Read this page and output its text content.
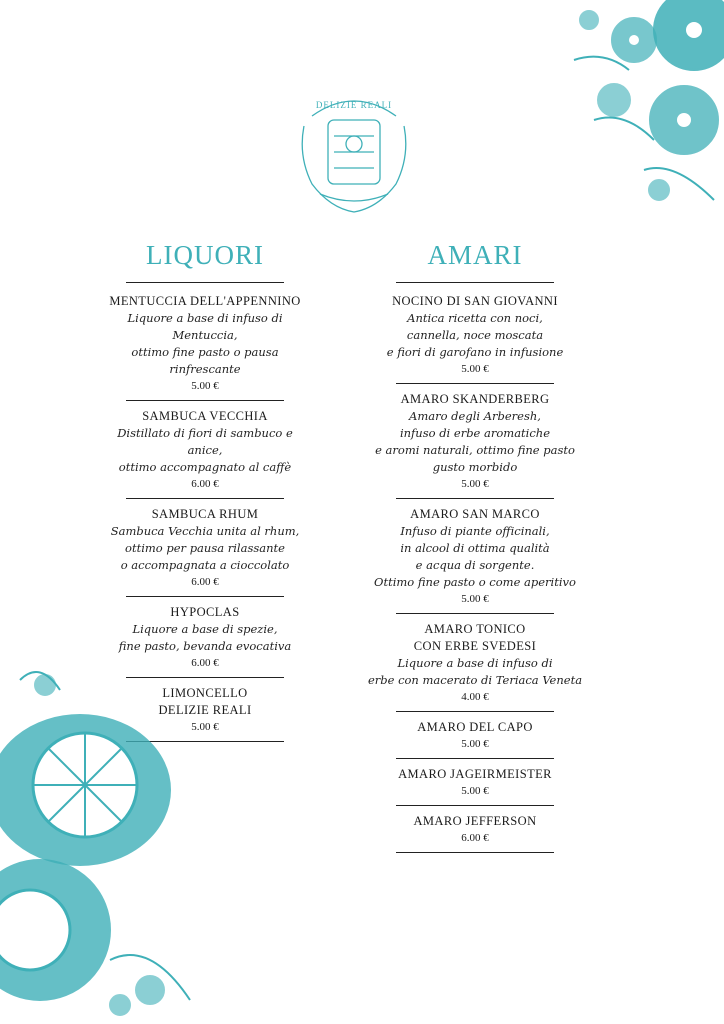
DELIZIE REALI
LIQUORI
MENTUCCIA DELL'APPENNINO
Liquore a base di infuso di Mentuccia,
ottimo fine pasto o pausa rinfrescante
5.00 €
SAMBUCA VECCHIA
Distillato di fiori di sambuco e anice,
ottimo accompagnato al caffè
6.00 €
SAMBUCA RHUM
Sambuca Vecchia unita al rhum,
ottimo per pausa rilassante
o accompagnata a cioccolato
6.00 €
HYPOCLAS
Liquore a base di spezie,
fine pasto, bevanda evocativa
6.00 €
LIMONCELLO
DELIZIE REALI
5.00 €
AMARI
NOCINO DI SAN GIOVANNI
Antica ricetta con noci,
cannella, noce moscata
e fiori di garofano in infusione
5.00 €
AMARO SKANDERBERG
Amaro degli Arberesh,
infuso di erbe aromatiche
e aromi naturali, ottimo fine pasto
gusto morbido
5.00 €
AMARO SAN MARCO
Infuso di piante officinali,
in alcool di ottima qualità
e acqua di sorgente.
Ottimo fine pasto o come aperitivo
5.00 €
AMARO TONICO
CON ERBE SVEDESI
Liquore a base di infuso di
erbe con macerato di Teriaca Veneta
4.00 €
AMARO DEL CAPO
5.00 €
AMARO JAGEIRMEISTER
5.00 €
AMARO JEFFERSON
6.00 €
